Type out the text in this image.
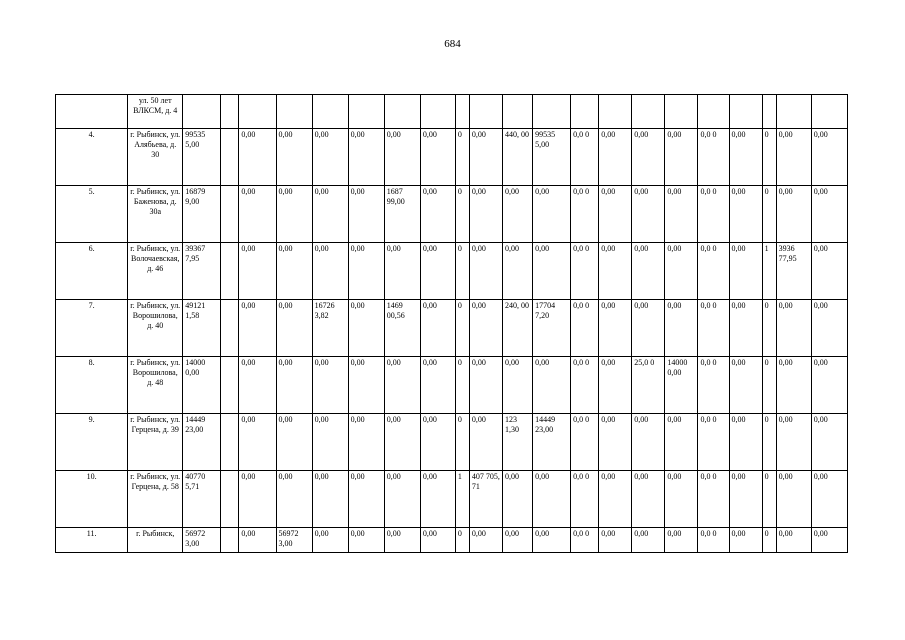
684
	ул. 50 лет ВЛКСМ, д. 4																					
4.	г. Рыбинск, ул. Алябьева, д. 30	99535 5,00		0,00	0,00	0,00	0,00	0,00	0,00	0	0,00	440, 00	99535 5,00	0,0 0	0,00	0,00	0,00	0,0 0	0,00	0	0,00	0,00
5.	г. Рыбинск, ул. Баженова, д. 30а	16879 9,00		0,00	0,00	0,00	0,00	1687 99,00	0,00	0	0,00	0,00	0,00	0,0 0	0,00	0,00	0,00	0,0 0	0,00	0	0,00	0,00
6.	г. Рыбинск, ул. Волочаевская, д. 46	39367 7,95		0,00	0,00	0,00	0,00	0,00	0,00	0	0,00	0,00	0,00	0,0 0	0,00	0,00	0,00	0,0 0	0,00	1	3936 77,95	0,00
7.	г. Рыбинск, ул. Ворошилова, д. 40	49121 1,58		0,00	0,00	16726 3,82	0,00	1469 00,56	0,00	0	0,00	240, 00	17704 7,20	0,0 0	0,00	0,00	0,00	0,0 0	0,00	0	0,00	0,00
8.	г. Рыбинск, ул. Ворошилова, д. 48	14000 0,00		0,00	0,00	0,00	0,00	0,00	0,00	0	0,00	0,00	0,00	0,0 0	0,00	25,0 0	14000 0,00	0,0 0	0,00	0	0,00	0,00
9.	г. Рыбинск, ул. Герцена, д. 39	14449 23,00		0,00	0,00	0,00	0,00	0,00	0,00	0	0,00	123 1,30	14449 23,00	0,0 0	0,00	0,00	0,00	0,0 0	0,00	0	0,00	0,00
10.	г. Рыбинск, ул. Герцена, д. 58	40770 5,71		0,00	0,00	0,00	0,00	0,00	0,00	1	407 705, 71	0,00	0,00	0,0 0	0,00	0,00	0,00	0,0 0	0,00	0	0,00	0,00
11.	г. Рыбинск,	56972 3,00		0,00	56972 3,00	0,00	0,00	0,00	0,00	0	0,00	0,00	0,00	0,0 0	0,00	0,00	0,00	0,0 0	0,00	0	0,00	0,00
